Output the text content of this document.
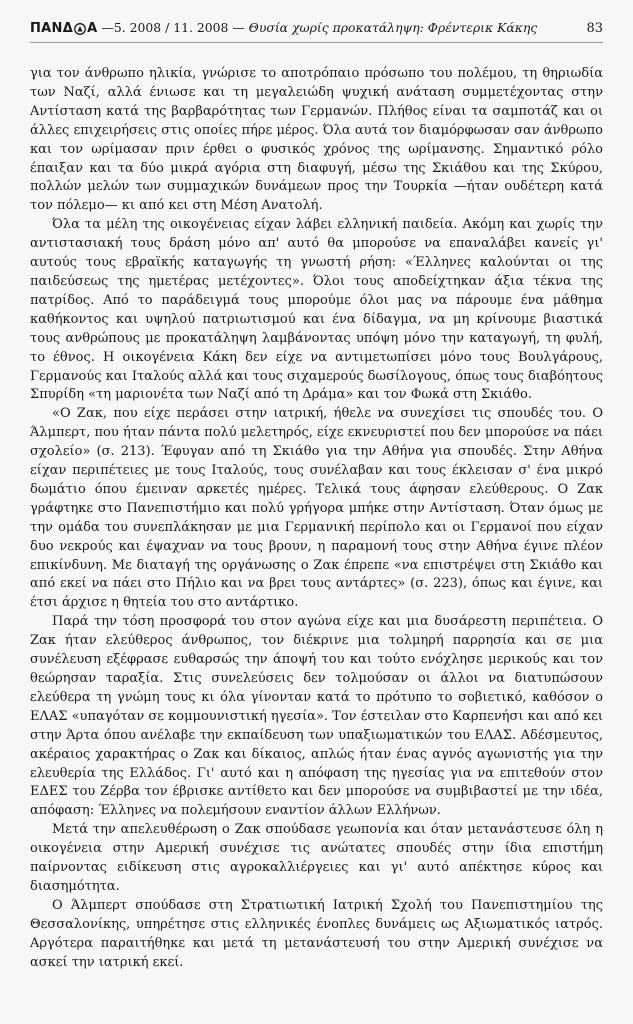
ΠΑΝΔ Α —5. 2008 / 11. 2008 — Θυσία χωρίς προκατάληψη: Φρέντερικ Κάκης	83

για τον άνθρωπο ηλικία, γνώρισε το αποτρόπαιο πρόσωπο του πολέμου, τη θηριωδία των Ναζί, αλλά ένιωσε και τη μεγαλειώδη ψυχική ανάταση συμμετέχοντας στην Αντίσταση κατά της βαρβαρότητας των Γερμανών. Πλήθος είναι τα σαμποτάζ και οι άλλες επιχειρήσεις στις οποίες πήρε μέρος. Όλα αυτά τον διαμόρφωσαν σαν άνθρωπο και τον ωρίμασαν πριν έρθει ο φυσικός χρόνος της ωρίμανσης. Σημαντικό ρόλο έπαιξαν και τα δύο μικρά αγόρια στη διαφυγή, μέσω της Σκιάθου και της Σκύρου, πολλών μελών των συμμαχικών δυνάμεων προς την Τουρκία —ήταν ουδέτερη κατά τον πόλεμο— κι από κει στη Μέση Ανατολή.

Όλα τα μέλη της οικογένειας είχαν λάβει ελληνική παιδεία. Ακόμη και χωρίς την αντιστασιακή τους δράση μόνο απ' αυτό θα μπορούσε να επαναλάβει κανείς γι' αυτούς τους εβραϊκής καταγωγής τη γνωστή ρήση: «Έλληνες καλούνται οι της παιδεύσεως της ημετέρας μετέχοντες». Όλοι τους αποδείχτηκαν άξια τέκνα της πατρίδος. Από το παράδειγμά τους μπορούμε όλοι μας να πάρουμε ένα μάθημα καθήκοντος και υψηλού πατριωτισμού και ένα δίδαγμα, να μη κρίνουμε βιαστικά τους ανθρώπους με προκατάληψη λαμβάνοντας υπόψη μόνο την καταγωγή, τη φυλή, το έθνος. Η οικογένεια Κάκη δεν είχε να αντιμετωπίσει μόνο τους Βουλγάρους, Γερμανούς και Ιταλούς αλλά και τους σιχαμερούς δωσίλογους, όπως τους διαβόητους Σπυρίδη «τη μαριονέτα των Ναζί από τη Δράμα» και τον Φωκά στη Σκιάθο.

«Ο Ζακ, που είχε περάσει στην ιατρική, ήθελε να συνεχίσει τις σπουδές του. Ο Άλμπερτ, που ήταν πάντα πολύ μελετηρός, είχε εκνευριστεί που δεν μπορούσε να πάει σχολείο» (σ. 213). Έφυγαν από τη Σκιάθο για την Αθήνα για σπουδές. Στην Αθήνα είχαν περιπέτειες με τους Ιταλούς, τους συνέλαβαν και τους έκλεισαν σ' ένα μικρό δωμάτιο όπου έμειναν αρκετές ημέρες. Τελικά τους άφησαν ελεύθερους. Ο Ζακ γράφτηκε στο Πανεπιστήμιο και πολύ γρήγορα μπήκε στην Αντίσταση. Όταν όμως με την ομάδα του συνεπλάκησαν με μια Γερμανική περίπολο και οι Γερμανοί που είχαν δυο νεκρούς και έψαχναν να τους βρουν, η παραμονή τους στην Αθήνα έγινε πλέον επικίνδυνη. Με διαταγή της οργάνωσης ο Ζακ έπρεπε «να επιστρέψει στη Σκιάθο και από εκεί να πάει στο Πήλιο και να βρει τους αντάρτες» (σ. 223), όπως και έγινε, και έτσι άρχισε η θητεία του στο αντάρτικο.

Παρά την τόση προσφορά του στον αγώνα είχε και μια δυσάρεστη περιπέτεια. Ο Ζακ ήταν ελεύθερος άνθρωπος, τον διέκρινε μια τολμηρή παρρησία και σε μια συνέλευση εξέφρασε ευθαρσώς την άποψή του και τούτο ενόχλησε μερικούς και τον θεώρησαν ταραξία. Στις συνελεύσεις δεν τολμούσαν οι άλλοι να διατυπώσουν ελεύθερα τη γνώμη τους κι όλα γίνονταν κατά το πρότυπο το σοβιετικό, καθόσον ο ΕΛΑΣ «υπαγόταν σε κομμουνιστική ηγεσία». Τον έστειλαν στο Καρπενήσι και από κει στην Άρτα όπου ανέλαβε την εκπαίδευση των υπαξιωματικών του ΕΛΑΣ. Αδέσμευτος, ακέραιος χαρακτήρας ο Ζακ και δίκαιος, απλώς ήταν ένας αγνός αγωνιστής για την ελευθερία της Ελλάδος. Γι' αυτό και η απόφαση της ηγεσίας για να επιτεθούν στον ΕΔΕΣ του Ζέρβα τον έβρισκε αντίθετο και δεν μπορούσε να συμβιβαστεί με την ιδέα, απόφαση: Έλληνες να πολεμήσουν εναντίον άλλων Ελλήνων.

Μετά την απελευθέρωση ο Ζακ σπούδασε γεωπονία και όταν μετανάστευσε όλη η οικογένεια στην Αμερική συνέχισε τις ανώτατες σπουδές στην ίδια επιστήμη παίρνοντας ειδίκευση στις αγροκαλλιέργειες και γι' αυτό απέκτησε κύρος και διασημότητα.

Ο Άλμπερτ σπούδασε στη Στρατιωτική Ιατρική Σχολή του Πανεπιστημίου της Θεσσαλονίκης, υπηρέτησε στις ελληνικές ένοπλες δυνάμεις ως Αξιωματικός ιατρός. Αργότερα παραιτήθηκε και μετά τη μετανάστευσή του στην Αμερική συνέχισε να ασκεί την ιατρική εκεί.
